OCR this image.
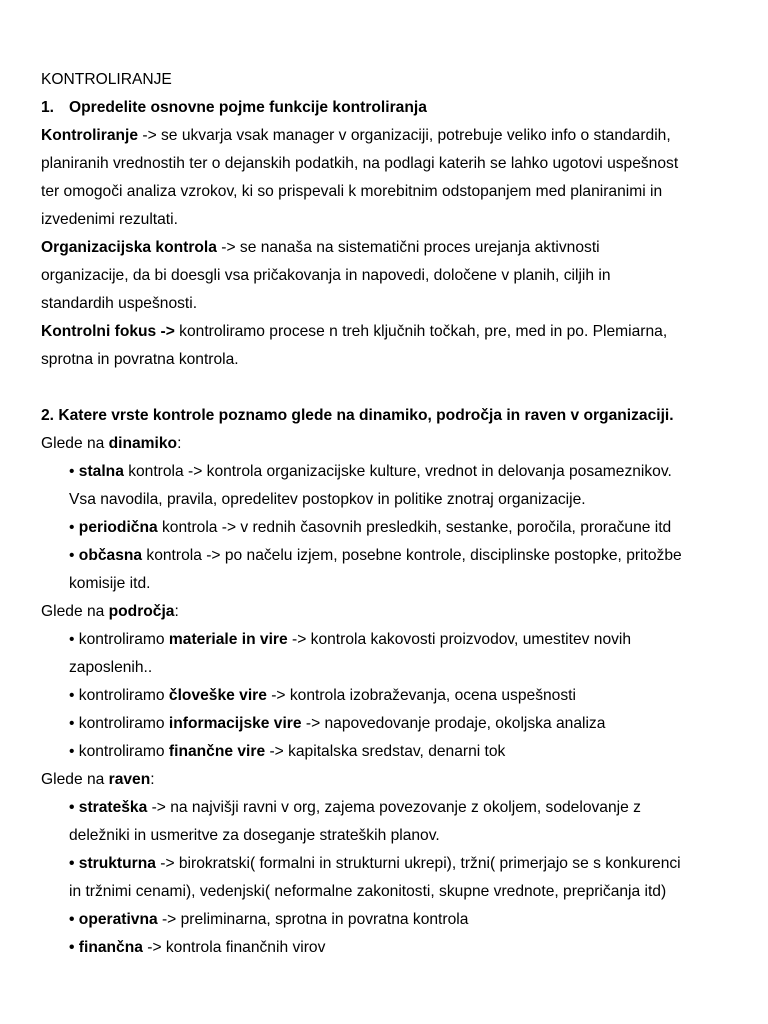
KONTROLIRANJE
1. Opredelite osnovne pojme funkcije kontroliranja
Kontroliranje -> se ukvarja vsak manager v organizaciji, potrebuje veliko info o standardih,
planiranih vrednostih ter o dejanskih podatkih, na podlagi katerih se lahko ugotovi uspešnost
ter omogoči analiza vzrokov, ki so prispevali k morebitnim odstopanjem med planiranimi in
izvedenimi rezultati.
Organizacijska kontrola -> se nanaša na sistematični proces urejanja aktivnosti
organizacije, da bi doesgli vsa pričakovanja in napovedi, določene v planih, ciljih in
standardih uspešnosti.
Kontrolni fokus -> kontroliramo procese n treh ključnih točkah, pre, med in po. Plemiarna,
sprotna in povratna kontrola.
2. Katere vrste kontrole poznamo glede na dinamiko, področja in raven v organizaciji.
Glede na dinamiko:
• stalna kontrola -> kontrola organizacijske kulture, vrednot in delovanja posameznikov.
Vsa navodila, pravila, opredelitev postopkov in politike znotraj organizacije.
• periodična kontrola -> v rednih časovnih presledkih, sestanke, poročila, proračune itd
• občasna kontrola -> po načelu izjem, posebne kontrole, disciplinske postopke, pritožbe
komisije itd.
Glede na področja:
• kontroliramo materiale in vire -> kontrola kakovosti proizvodov, umestitev novih
zaposlenih..
• kontroliramo človeške vire -> kontrola izobraževanja, ocena uspešnosti
• kontroliramo informacijske vire -> napovedovanje prodaje, okoljska analiza
• kontroliramo finančne vire -> kapitalska sredstav, denarni tok
Glede na raven:
• strateška -> na najvišji ravni v org, zajema povezovanje z okoljem, sodelovanje z
deležniki in usmeritve za doseganje strateških planov.
• strukturna -> birokratski( formalni in strukturni ukrepi), tržni( primerjajo se s konkurenci
in tržnimi cenami), vedenjski( neformalne zakonitosti, skupne vrednote, prepričanja itd)
• operativna -> preliminarna, sprotna in povratna kontrola
• finančna -> kontrola finančnih virov
